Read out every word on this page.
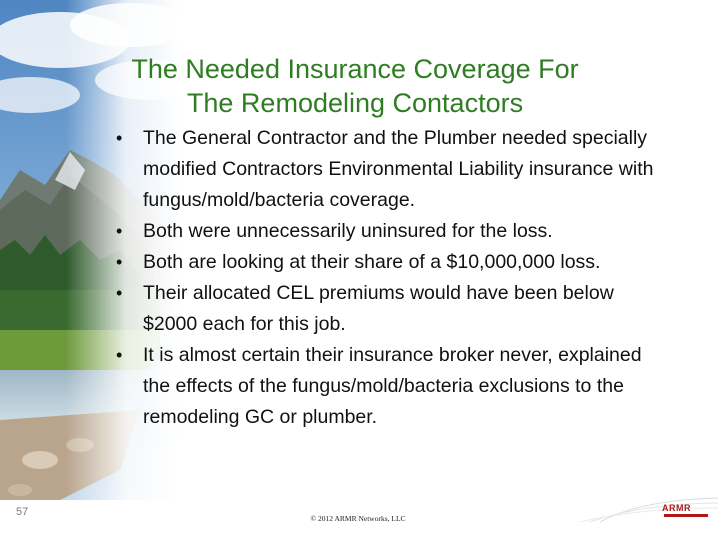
The Needed Insurance Coverage For The Remodeling Contactors
• The General Contractor and the Plumber needed specially modified Contractors Environmental Liability insurance with fungus/mold/bacteria coverage.
• Both were unnecessarily uninsured for the loss.
• Both are looking at their share of a $10,000,000 loss.
• Their allocated CEL premiums would have been below $2000 each for this job.
• It is almost certain their insurance broker never, explained the effects of the fungus/mold/bacteria exclusions to the remodeling GC or plumber.
57
© 2012 ARMR Networks, LLC
ARMR
